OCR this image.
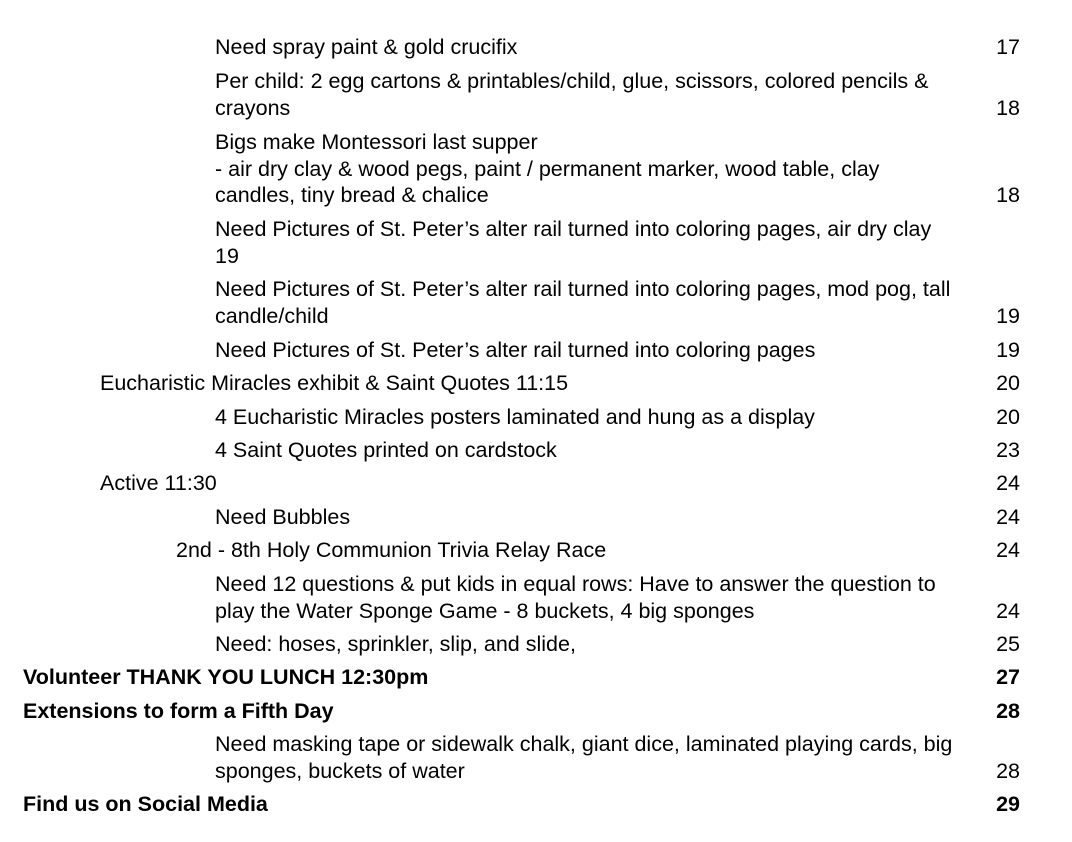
Need spray paint & gold crucifix	17
Per child: 2 egg cartons & printables/child, glue, scissors, colored pencils &
crayons	18
Bigs make Montessori last supper
- air dry clay & wood pegs, paint / permanent marker, wood table, clay
candles, tiny bread & chalice	18
Need Pictures of St. Peter’s alter rail turned into coloring pages, air dry clay
19
Need Pictures of St. Peter’s alter rail turned into coloring pages, mod pog, tall
candle/child	19
Need Pictures of St. Peter’s alter rail turned into coloring pages	19
Eucharistic Miracles exhibit & Saint Quotes 11:15	20
4 Eucharistic Miracles posters laminated and hung as a display	20
4 Saint Quotes printed on cardstock	23
Active 11:30	24
Need Bubbles	24
2nd - 8th Holy Communion Trivia Relay Race	24
Need 12 questions & put kids in equal rows: Have to answer the question to
play the Water Sponge Game - 8 buckets, 4 big sponges	24
Need: hoses, sprinkler, slip, and slide,	25
Volunteer THANK YOU LUNCH 12:30pm	27
Extensions to form a Fifth Day	28
Need masking tape or sidewalk chalk, giant dice, laminated playing cards, big
sponges, buckets of water	28
Find us on Social Media	29
